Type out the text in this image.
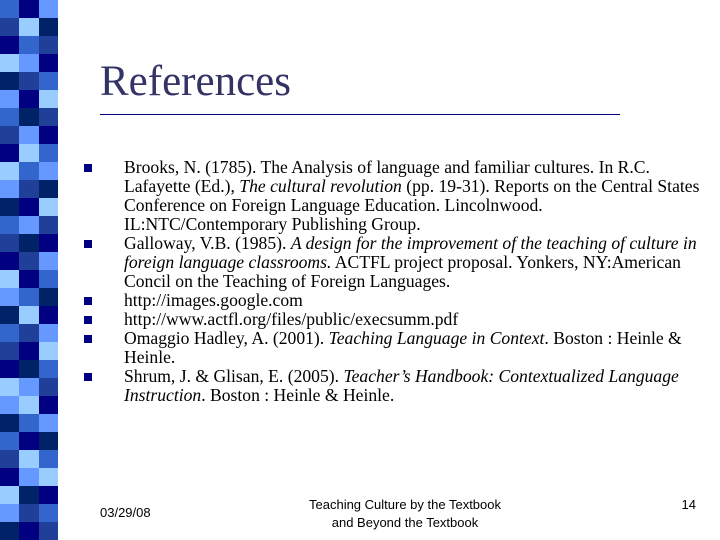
References
Brooks, N. (1785). The Analysis of language and familiar cultures. In R.C. Lafayette (Ed.), The cultural revolution (pp. 19-31). Reports on the Central States Conference on Foreign Language Education. Lincolnwood. IL:NTC/Contemporary Publishing Group.
Galloway, V.B. (1985). A design for the improvement of the teaching of culture in foreign language classrooms. ACTFL project proposal. Yonkers, NY:American Concil on the Teaching of Foreign Languages.
http://images.google.com
http://www.actfl.org/files/public/execsumm.pdf
Omaggio Hadley, A. (2001). Teaching Language in Context. Boston : Heinle & Heinle.
Shrum, J. & Glisan, E. (2005). Teacher’s Handbook: Contextualized Language Instruction. Boston : Heinle & Heinle.
03/29/08
Teaching Culture by the Textbook
and Beyond the Textbook
14
